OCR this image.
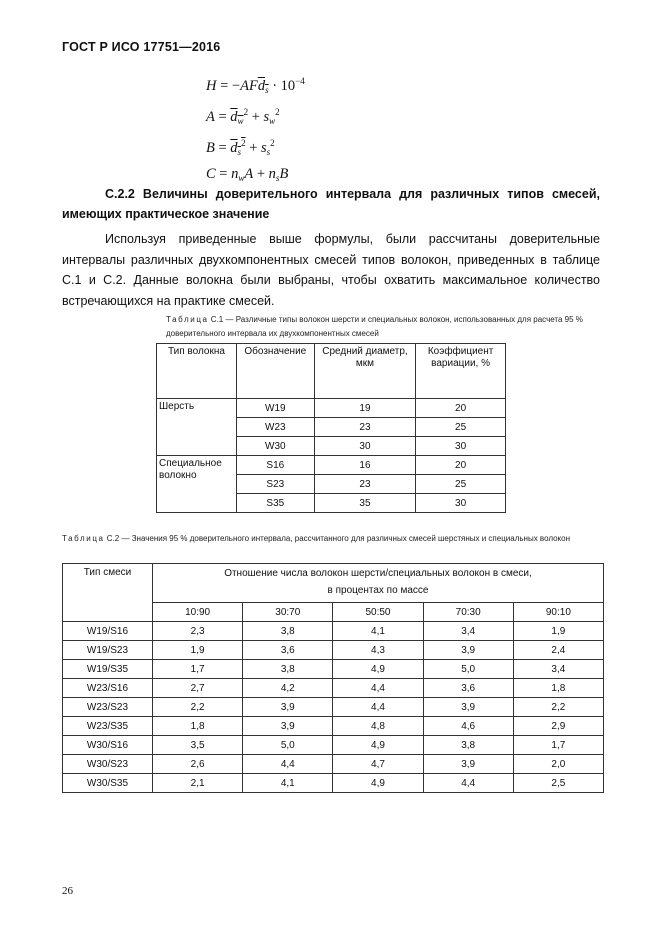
ГОСТ Р ИСО 17751—2016
$H = -AFd_s \cdot 10^{-4}$
$A = d_w^2 + s_w^2$
$B = d_s^2 + s_s^2$
$C = n_wA + n_sB$
С.2.2 Величины доверительного интервала для различных типов смесей, имеющих практическое значение
Используя приведенные выше формулы, были рассчитаны доверительные интервалы различных двухкомпонентных смесей типов волокон, приведенных в таблице С.1 и С.2. Данные волокна были выбраны, чтобы охватить максимальное количество встречающихся на практике смесей.
Таблица С.1 — Различные типы волокон шерсти и специальных волокон, использованных для расчета 95 % доверительного интервала их двухкомпонентных смесей
Тип волокна	Обозначение	Средний диаметр, мкм	Коэффициент вариации, %
Шерсть	W19	19	20
	W23	23	25
	W30	30	30
Специальное волокно	S16	16	20
	S23	23	25
	S35	35	30
Таблица С.2 — Значения 95 % доверительного интервала, рассчитанного для различных смесей шерстяных и специальных волокон
Тип смеси	Отношение числа волокон шерсти/специальных волокон в смеси,
в процентах по массе				

	10:90	30:70	50:50	70:30	90:10
W19/S16	2,3	3,8	4,1	3,4	1,9
W19/S23	1,9	3,6	4,3	3,9	2,4
W19/S35	1,7	3,8	4,9	5,0	3,4
W23/S16	2,7	4,2	4,4	3,6	1,8
W23/S23	2,2	3,9	4,4	3,9	2,2
W23/S35	1,8	3,9	4,8	4,6	2,9
W30/S16	3,5	5,0	4,9	3,8	1,7
W30/S23	2,6	4,4	4,7	3,9	2,0
W30/S35	2,1	4,1	4,9	4,4	2,5
26
